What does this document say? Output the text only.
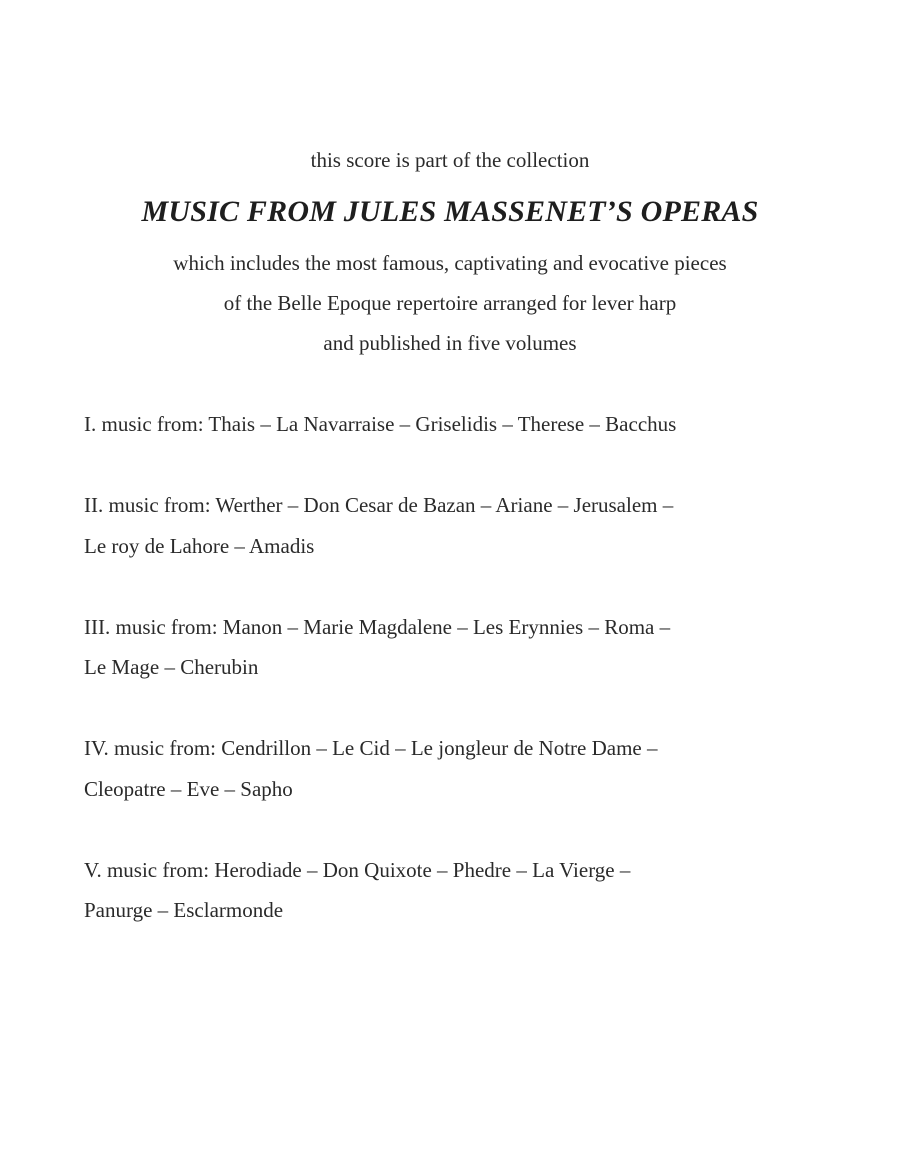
this score is part of the collection
MUSIC FROM JULES MASSENET’S OPERAS
which includes the most famous, captivating and evocative pieces
of the Belle Epoque repertoire arranged for lever harp
and published in five volumes
I. music from: Thais – La Navarraise – Griselidis – Therese – Bacchus
II. music from: Werther – Don Cesar de Bazan – Ariane – Jerusalem –
Le roy de Lahore – Amadis
III. music from: Manon – Marie Magdalene – Les Erynnies – Roma –
Le Mage – Cherubin
IV. music from: Cendrillon – Le Cid – Le jongleur de Notre Dame –
Cleopatre – Eve – Sapho
V. music from: Herodiade – Don Quixote – Phedre – La Vierge –
Panurge – Esclarmonde
